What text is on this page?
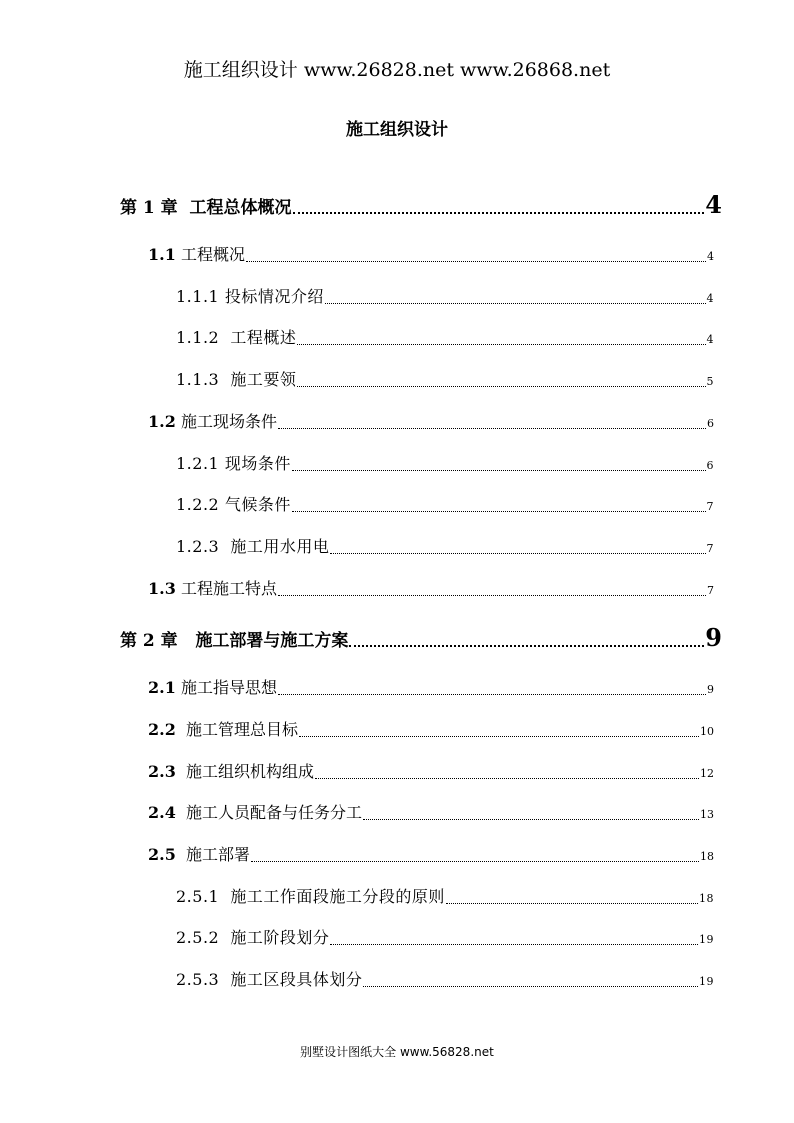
施工组织设计 www.26828.net www.26868.net
施工组织设计
第 1 章 工程总体概况	4
1.1 工程概况	4
1.1.1 投标情况介绍	4
1.1.2 工程概述	4
1.1.3 施工要领	5
1.2 施工现场条件	6
1.2.1 现场条件	6
1.2.2 气候条件	7
1.2.3 施工用水用电	7
1.3 工程施工特点	7
第 2 章 施工部署与施工方案	9
2.1 施工指导思想	9
2.2 施工管理总目标	10
2.3 施工组织机构组成	12
2.4 施工人员配备与任务分工	13
2.5 施工部署	18
2.5.1 施工工作面段施工分段的原则	18
2.5.2 施工阶段划分	19
2.5.3 施工区段具体划分	19
别墅设计图纸大全 www.56828.net
